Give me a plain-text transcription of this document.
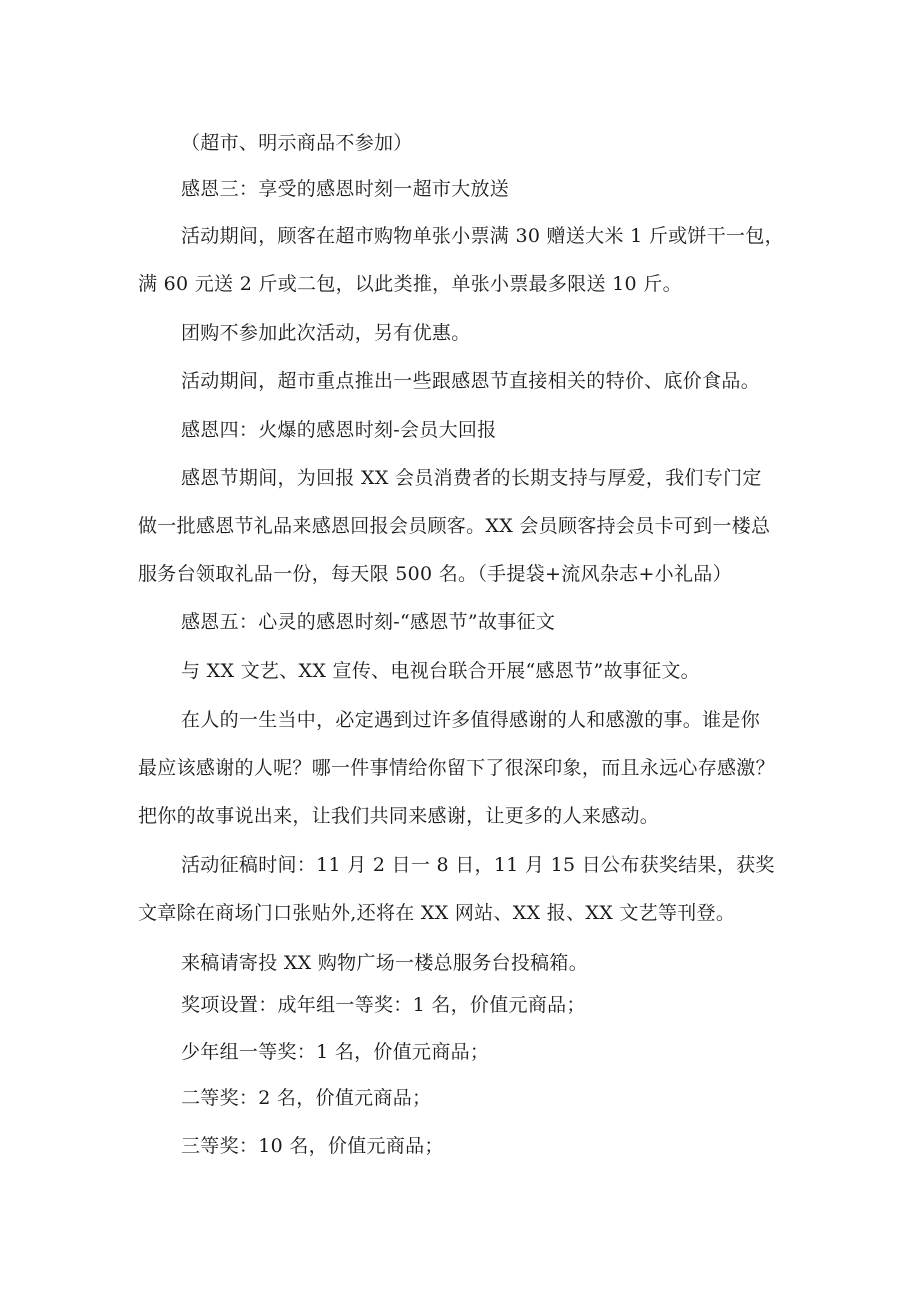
（超市、明示商品不参加）
感恩三：享受的感恩时刻一超市大放送
活动期间，顾客在超市购物单张小票满 30 赠送大米 1 斤或饼干一包，
满 60 元送 2 斤或二包，以此类推，单张小票最多限送 10 斤。
团购不参加此次活动，另有优惠。
活动期间，超市重点推出一些跟感恩节直接相关的特价、底价食品。
感恩四：火爆的感恩时刻-会员大回报
感恩节期间，为回报 XX 会员消费者的长期支持与厚爱，我们专门定
做一批感恩节礼品来感恩回报会员顾客。XX 会员顾客持会员卡可到一楼总
服务台领取礼品一份，每天限 500 名。（手提袋+流风杂志+小礼品）
感恩五：心灵的感恩时刻-“感恩节”故事征文
与 XX 文艺、XX 宣传、电视台联合开展“感恩节”故事征文。
在人的一生当中，必定遇到过许多值得感谢的人和感激的事。谁是你
最应该感谢的人呢？哪一件事情给你留下了很深印象，而且永远心存感激？
把你的故事说出来，让我们共同来感谢，让更多的人来感动。
活动征稿时间：11 月 2 日一 8 日，11 月 15 日公布获奖结果，获奖
文章除在商场门口张贴外,还将在 XX 网站、XX 报、XX 文艺等刊登。
来稿请寄投 XX 购物广场一楼总服务台投稿箱。
奖项设置：成年组一等奖：1 名，价值元商品；
少年组一等奖：1 名，价值元商品；
二等奖：2 名，价值元商品；
三等奖：10 名，价值元商品；
